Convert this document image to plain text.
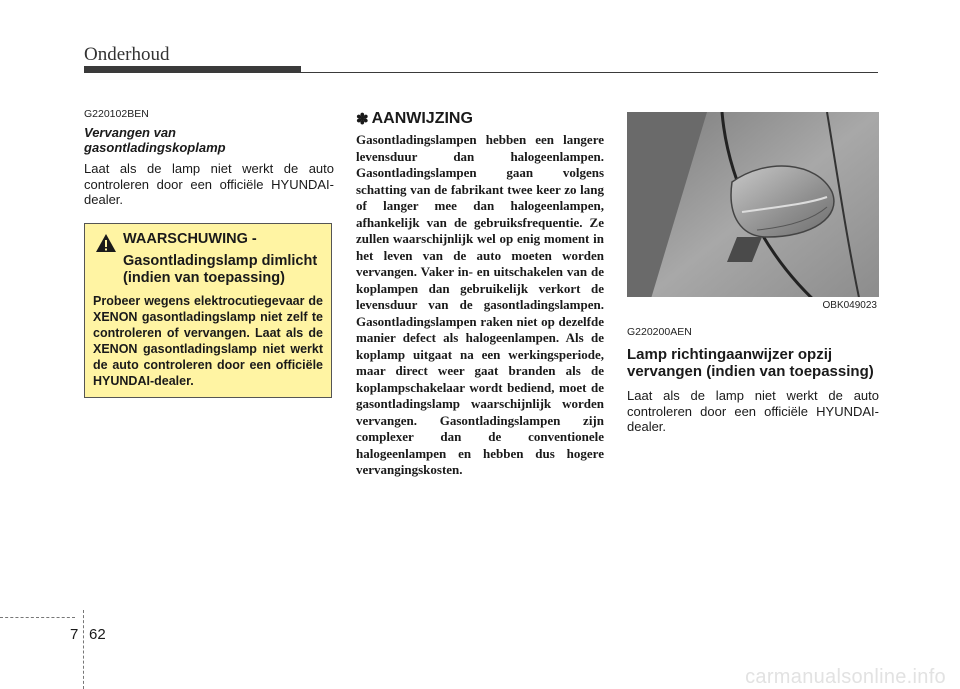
Onderhoud

G220102BEN

Vervangen van
gasontladingskoplamp

Laat als de lamp niet werkt de auto controleren door een officiële HYUNDAI-dealer.

WAARSCHUWING -
Gasontladingslamp dimlicht
(indien van toepassing)
Probeer wegens elektrocutiegevaar de XENON gasontladingslamp niet zelf te controleren of vervangen. Laat als de XENON gasontladingslamp niet werkt de auto controleren door een officiële HYUNDAI-dealer.
✽ AANWIJZING

Gasontladingslampen hebben een langere levensduur dan halogeenlampen. Gasontladingslampen gaan volgens schatting van de fabrikant twee keer zo lang of langer mee dan halogeenlampen, afhankelijk van de gebruiksfrequentie. Ze zullen waarschijnlijk wel op enig moment in het leven van de auto moeten worden vervangen. Vaker in- en uitschakelen van de koplampen dan gebruikelijk verkort de levensduur van de gasontladingslampen. Gasontladingslampen raken niet op dezelfde manier defect als halogeenlampen. Als de koplamp uitgaat na een werkingsperiode, maar direct weer gaat branden als de koplampschakelaar wordt bediend, moet de gasontladingslamp waarschijnlijk worden vervangen. Gasontladingslampen zijn complexer dan de conventionele halogeenlampen en hebben dus hogere vervangingskosten.

OBK049023

G220200AEN

Lamp richtingaanwijzer opzij
vervangen (indien van toepassing)

Laat als de lamp niet werkt de auto controleren door een officiële HYUNDAI-dealer.

7 62
carmanualsonline.info
